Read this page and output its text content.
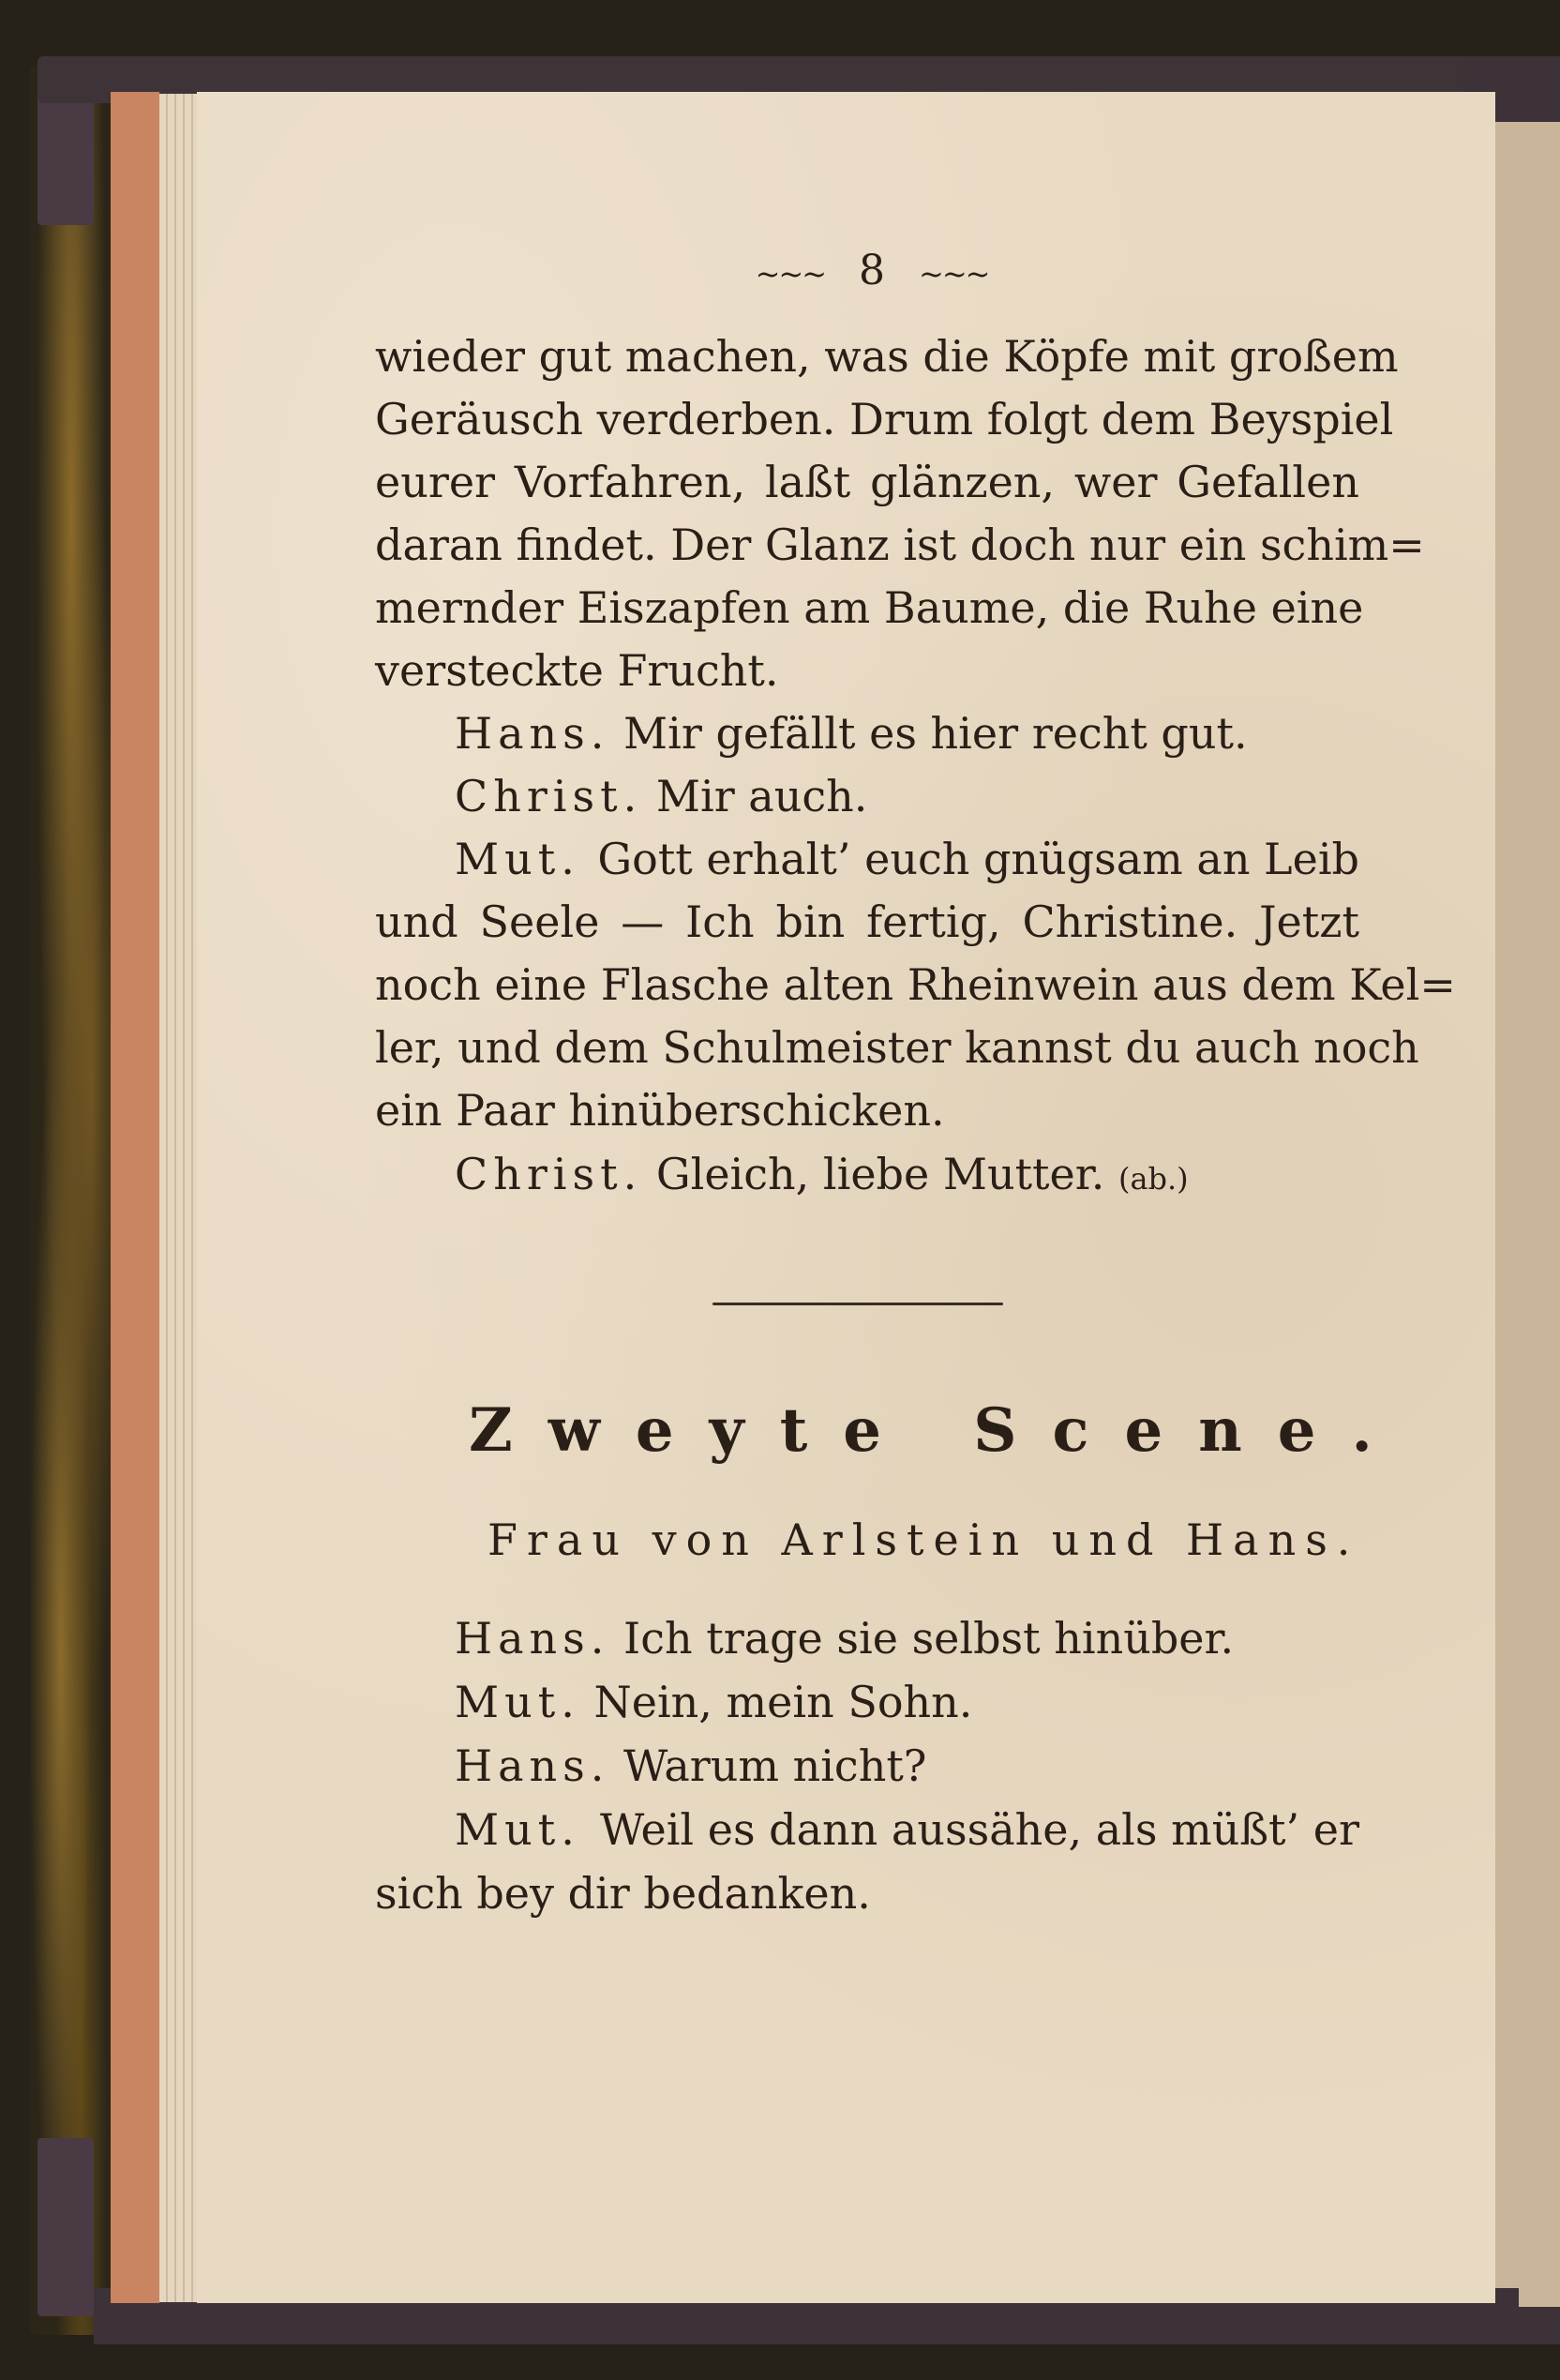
~~~ 8 ~~~
wieder gut machen, was die Köpfe mit großem
Geräusch verderben. Drum folgt dem Beyspiel
eurer Vorfahren, laßt glänzen, wer Gefallen
daran findet. Der Glanz ist doch nur ein schim=
mernder Eiszapfen am Baume, die Ruhe eine
versteckte Frucht.
Hans. Mir gefällt es hier recht gut.
Christ. Mir auch.
Mut. Gott erhalt’ euch gnügsam an Leib
und Seele — Ich bin fertig, Christine. Jetzt
noch eine Flasche alten Rheinwein aus dem Kel=
ler, und dem Schulmeister kannst du auch noch
ein Paar hinüberschicken.
Christ. Gleich, liebe Mutter. (ab.)
Zweyte Scene.
Frau von Arlstein und Hans.
Hans. Ich trage sie selbst hinüber.
Mut. Nein, mein Sohn.
Hans. Warum nicht?
Mut. Weil es dann aussähe, als müßt’ er
sich bey dir bedanken.
